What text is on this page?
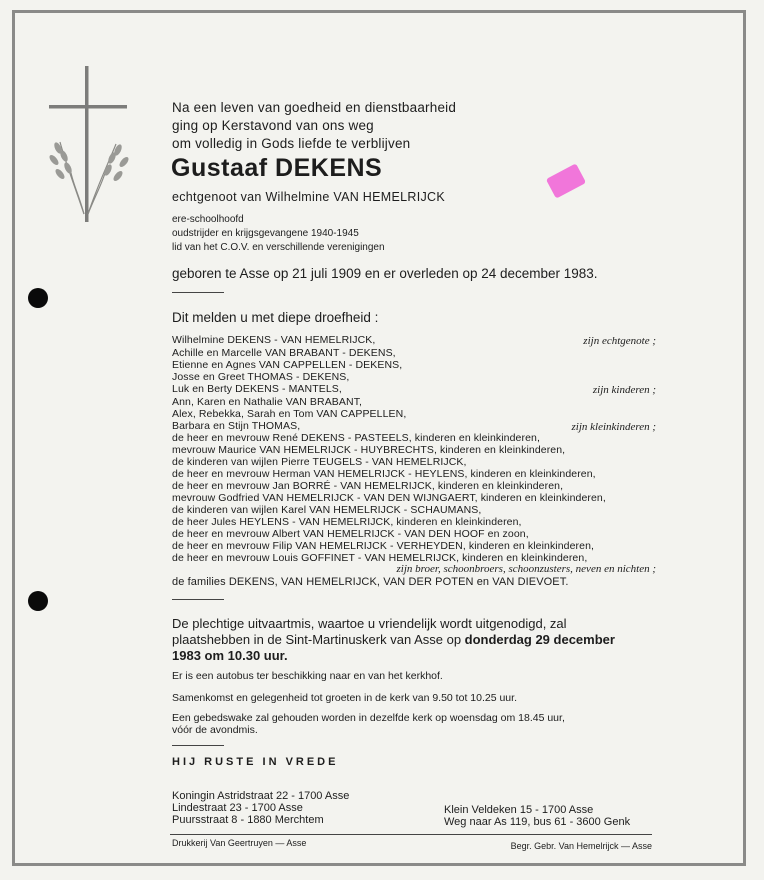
Na een leven van goedheid en dienstbaarheid
ging op Kerstavond van ons weg
om volledig in Gods liefde te verblijven
Gustaaf DEKENS
echtgenoot van Wilhelmine VAN HEMELRIJCK
ere-schoolhoofd
oudstrijder en krijgsgevangene 1940-1945
lid van het C.O.V. en verschillende verenigingen
geboren te Asse op 21 juli 1909 en er overleden op 24 december 1983.
Dit melden u met diepe droefheid :
Wilhelmine DEKENS - VAN HEMELRIJCK,	zijn echtgenote ;
Achille en Marcelle VAN BRABANT - DEKENS,
Etienne en Agnes VAN CAPPELLEN - DEKENS,
Josse en Greet THOMAS - DEKENS,
Luk en Berty DEKENS - MANTELS,	zijn kinderen ;
Ann, Karen en Nathalie VAN BRABANT,
Alex, Rebekka, Sarah en Tom VAN CAPPELLEN,
Barbara en Stijn THOMAS,	zijn kleinkinderen ;
de heer en mevrouw René DEKENS - PASTEELS, kinderen en kleinkinderen,
mevrouw Maurice VAN HEMELRIJCK - HUYBRECHTS, kinderen en kleinkinderen,
de kinderen van wijlen Pierre TEUGELS - VAN HEMELRIJCK,
de heer en mevrouw Herman VAN HEMELRIJCK - HEYLENS, kinderen en kleinkinderen,
de heer en mevrouw Jan BORRÉ - VAN HEMELRIJCK, kinderen en kleinkinderen,
mevrouw Godfried VAN HEMELRIJCK - VAN DEN WIJNGAERT, kinderen en kleinkinderen,
de kinderen van wijlen Karel VAN HEMELRIJCK - SCHAUMANS,
de heer Jules HEYLENS - VAN HEMELRIJCK, kinderen en kleinkinderen,
de heer en mevrouw Albert VAN HEMELRIJCK - VAN DEN HOOF en zoon,
de heer en mevrouw Filip VAN HEMELRIJCK - VERHEYDEN, kinderen en kleinkinderen,
de heer en mevrouw Louis GOFFINET - VAN HEMELRIJCK, kinderen en kleinkinderen,
zijn broer, schoonbroers, schoonzusters, neven en nichten ;
de families DEKENS, VAN HEMELRIJCK, VAN DER POTEN en VAN DIEVOET.
De plechtige uitvaartmis, waartoe u vriendelijk wordt uitgenodigd, zal
plaatshebben in de Sint-Martinuskerk van Asse op donderdag 29 december
1983 om 10.30 uur.
Er is een autobus ter beschikking naar en van het kerkhof.
Samenkomst en gelegenheid tot groeten in de kerk van 9.50 tot 10.25 uur.
Een gebedswake zal gehouden worden in dezelfde kerk op woensdag om 18.45 uur,
vóór de avondmis.
HIJ RUSTE IN VREDE
Koningin Astridstraat 22 - 1700 Asse
Lindestraat 23 - 1700 Asse
Puursstraat 8 - 1880 Merchtem
Klein Veldeken 15 - 1700 Asse
Weg naar As 119, bus 61 - 3600 Genk
Drukkerij Van Geertruyen — Asse	Begr. Gebr. Van Hemelrijck — Asse
